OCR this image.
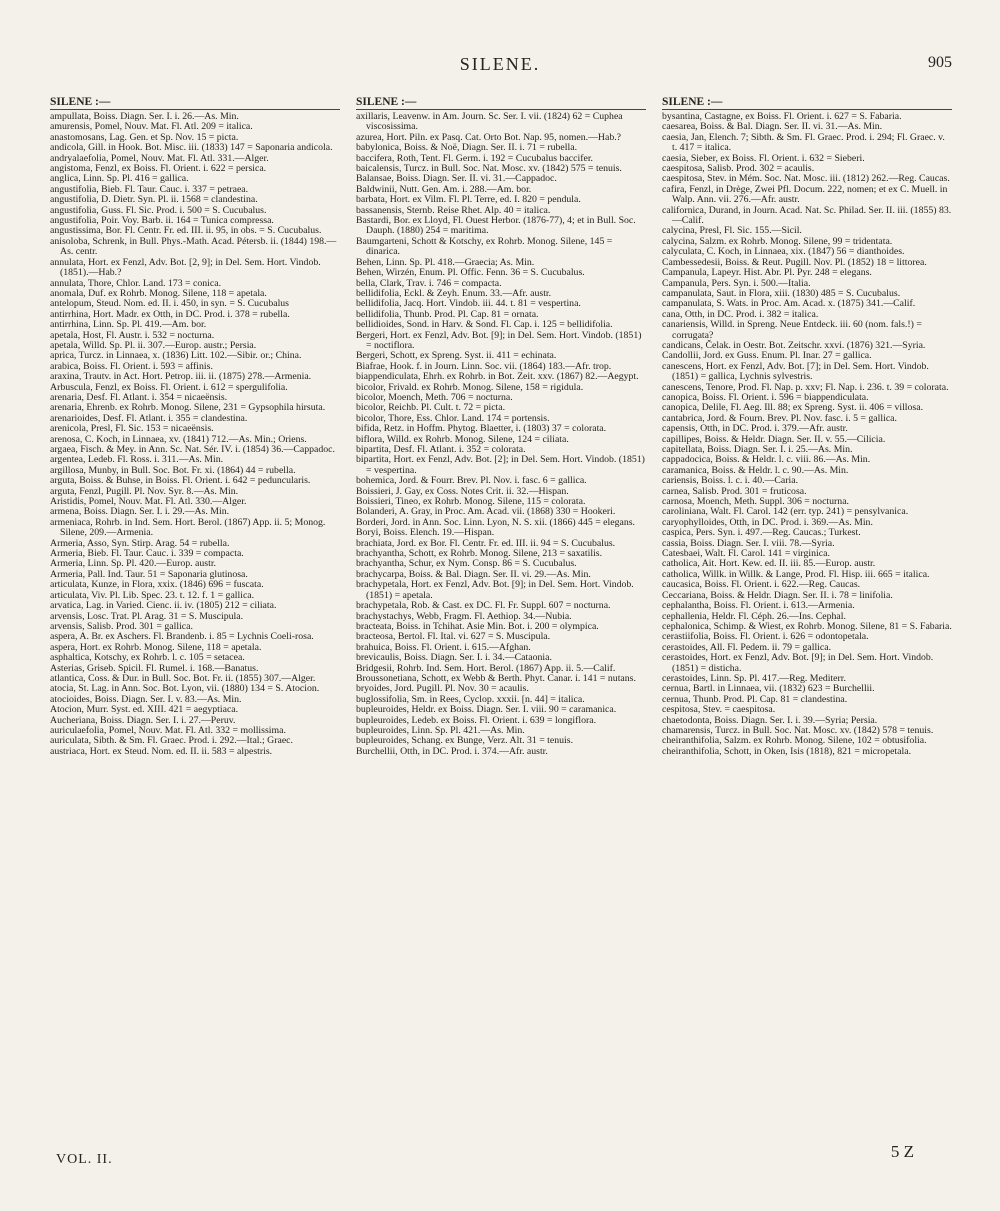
SILENE.	905
SILENE :—
ampullata, Boiss. Diagn. Ser. I. i. 26.—As. Min.
amurensis, Pomel, Nouv. Mat. Fl. Atl. 209 = italica.
anastomosans, Lag. Gen. et Sp. Nov. 15 = picta.
andicola, Gill. in Hook. Bot. Misc. iii. (1833) 147 = Saponaria andicola.
andryalaefolia, Pomel, Nouv. Mat. Fl. Atl. 331.—Alger.
angistoma, Fenzl, ex Boiss. Fl. Orient. i. 622 = persica.
anglica, Linn. Sp. Pl. 416 = gallica.
angustifolia, Bieb. Fl. Taur. Cauc. i. 337 = petraea.
angustifolia, D. Dietr. Syn. Pl. ii. 1568 = clandestina.
angustifolia, Guss. Fl. Sic. Prod. i. 500 = S. Cucubalus.
angustifolia, Poir. Voy. Barb. ii. 164 = Tunica compressa.
angustissima, Bor. Fl. Centr. Fr. ed. III. ii. 95, in obs. = S. Cucubalus.
anisoloba, Schrenk, in Bull. Phys.-Math. Acad. Pétersb. ii. (1844) 198.—As. centr.
annulata, Hort. ex Fenzl, Adv. Bot. [2, 9]; in Del. Sem. Hort. Vindob. (1851).—Hab.?
annulata, Thore, Chlor. Land. 173 = conica.
anomala, Duf. ex Rohrb. Monog. Silene, 118 = apetala.
antelopum, Steud. Nom. ed. II. i. 450, in syn. = S. Cucubalus
antirrhina, Hort. Madr. ex Otth, in DC. Prod. i. 378 = rubella.
antirrhina, Linn. Sp. Pl. 419.—Am. bor.
apetala, Host, Fl. Austr. i. 532 = nocturna.
apetala, Willd. Sp. Pl. ii. 307.—Europ. austr.; Persia.
aprica, Turcz. in Linnaea, x. (1836) Litt. 102.—Sibir. or.; China.
arabica, Boiss. Fl. Orient. i. 593 = affinis.
araxina, Trautv. in Act. Hort. Petrop. iii. ii. (1875) 278.—Armenia.
Arbuscula, Fenzl, ex Boiss. Fl. Orient. i. 612 = spergulifolia.
arenaria, Desf. Fl. Atlant. i. 354 = nicaeënsis.
arenaria, Ehrenb. ex Rohrb. Monog. Silene, 231 = Gypsophila hirsuta.
arenarioides, Desf. Fl. Atlant. i. 355 = clandestina.
arenicola, Presl, Fl. Sic. 153 = nicaeënsis.
arenosa, C. Koch, in Linnaea, xv. (1841) 712.—As. Min.; Oriens.
argaea, Fisch. & Mey. in Ann. Sc. Nat. Sér. IV. i. (1854) 36.—Cappadoc.
argentea, Ledeb. Fl. Ross. i. 311.—As. Min.
argillosa, Munby, in Bull. Soc. Bot. Fr. xi. (1864) 44 = rubella.
arguta, Boiss. & Buhse, in Boiss. Fl. Orient. i. 642 = peduncularis.
arguta, Fenzl, Pugill. Pl. Nov. Syr. 8.—As. Min.
Aristidis, Pomel, Nouv. Mat. Fl. Atl. 330.—Alger.
armena, Boiss. Diagn. Ser. I. i. 29.—As. Min.
armeniaca, Rohrb. in Ind. Sem. Hort. Berol. (1867) App. ii. 5; Monog. Silene, 209.—Armenia.
Armeria, Asso, Syn. Stirp. Arag. 54 = rubella.
Armeria, Bieb. Fl. Taur. Cauc. i. 339 = compacta.
Armeria, Linn. Sp. Pl. 420.—Europ. austr.
Armeria, Pall. Ind. Taur. 51 = Saponaria glutinosa.
articulata, Kunze, in Flora, xxix. (1846) 696 = fuscata.
articulata, Viv. Pl. Lib. Spec. 23. t. 12. f. 1 = gallica.
arvatica, Lag. in Varied. Cienc. ii. iv. (1805) 212 = ciliata.
arvensis, Losc. Trat. Pl. Arag. 31 = S. Muscipula.
arvensis, Salisb. Prod. 301 = gallica.
aspera, A. Br. ex Aschers. Fl. Brandenb. i. 85 = Lychnis Coeli-rosa.
aspera, Hort. ex Rohrb. Monog. Silene, 118 = apetala.
asphaltica, Kotschy, ex Rohrb. l. c. 105 = setacea.
Asterias, Griseb. Spicil. Fl. Rumel. i. 168.—Banatus.
atlantica, Coss. & Dur. in Bull. Soc. Bot. Fr. ii. (1855) 307.—Alger.
atocia, St. Lag. in Ann. Soc. Bot. Lyon, vii. (1880) 134 = S. Atocion.
atocioides, Boiss. Diagn. Ser. I. v. 83.—As. Min.
Atocion, Murr. Syst. ed. XIII. 421 = aegyptiaca.
Aucheriana, Boiss. Diagn. Ser. I. i. 27.—Peruv.
auriculaefolia, Pomel, Nouv. Mat. Fl. Atl. 332 = mollissima.
auriculata, Sibth. & Sm. Fl. Graec. Prod. i. 292.—Ital.; Graec.
austriaca, Hort. ex Steud. Nom. ed. II. ii. 583 = alpestris.
SILENE :—
axillaris, Leavenw. in Am. Journ. Sc. Ser. I. vii. (1824) 62 = Cuphea viscosissima.
azurea, Hort. Piln. ex Pasq. Cat. Orto Bot. Nap. 95, nomen.—Hab.?
babylonica, Boiss. & Noë, Diagn. Ser. II. i. 71 = rubella.
baccifera, Roth, Tent. Fl. Germ. i. 192 = Cucubalus baccifer.
baicalensis, Turcz. in Bull. Soc. Nat. Mosc. xv. (1842) 575 = tenuis.
Balansae, Boiss. Diagn. Ser. II. vi. 31.—Cappadoc.
Baldwinii, Nutt. Gen. Am. i. 288.—Am. bor.
barbata, Hort. ex Vilm. Fl. Pl. Terre, ed. I. 820 = pendula.
bassanensis, Sternb. Reise Rhet. Alp. 40 = italica.
Bastardi, Bor. ex Lloyd, Fl. Ouest Herbor. (1876-77), 4; et in Bull. Soc. Dauph. (1880) 254 = maritima.
Baumgarteni, Schott & Kotschy, ex Rohrb. Monog. Silene, 145 = dinarica.
Behen, Linn. Sp. Pl. 418.—Graecia; As. Min.
Behen, Wirzén, Enum. Pl. Offic. Fenn. 36 = S. Cucubalus.
bella, Clark, Trav. i. 746 = compacta.
bellidifolia, Eckl. & Zeyh. Enum. 33.—Afr. austr.
bellidifolia, Jacq. Hort. Vindob. iii. 44. t. 81 = vespertina.
bellidifolia, Thunb. Prod. Pl. Cap. 81 = ornata.
bellidioides, Sond. in Harv. & Sond. Fl. Cap. i. 125 = bellidifolia.
Bergeri, Hort. ex Fenzl, Adv. Bot. [9]; in Del. Sem. Hort. Vindob. (1851) = noctiflora.
Bergeri, Schott, ex Spreng. Syst. ii. 411 = echinata.
Biafrae, Hook. f. in Journ. Linn. Soc. vii. (1864) 183.—Afr. trop.
biappendiculata, Ehrh. ex Rohrb. in Bot. Zeit. xxv. (1867) 82.—Aegypt.
bicolor, Frivald. ex Rohrb. Monog. Silene, 158 = rigidula.
bicolor, Moench, Meth. 706 = nocturna.
bicolor, Reichb. Pl. Cult. t. 72 = picta.
bicolor, Thore, Ess. Chlor. Land. 174 = portensis.
bifida, Retz. in Hoffm. Phytog. Blaetter, i. (1803) 37 = colorata.
biflora, Willd. ex Rohrb. Monog. Silene, 124 = ciliata.
bipartita, Desf. Fl. Atlant. i. 352 = colorata.
bipartita, Hort. ex Fenzl, Adv. Bot. [2]; in Del. Sem. Hort. Vindob. (1851) = vespertina.
bohemica, Jord. & Fourr. Brev. Pl. Nov. i. fasc. 6 = gallica.
Boissieri, J. Gay, ex Coss. Notes Crit. ii. 32.—Hispan.
Boissieri, Tineo, ex Rohrb. Monog. Silene, 115 = colorata.
Bolanderi, A. Gray, in Proc. Am. Acad. vii. (1868) 330 = Hookeri.
Borderi, Jord. in Ann. Soc. Linn. Lyon, N. S. xii. (1866) 445 = elegans.
Boryi, Boiss. Elench. 19.—Hispan.
brachiata, Jord. ex Bor. Fl. Centr. Fr. ed. III. ii. 94 = S. Cucubalus.
brachyantha, Schott, ex Rohrb. Monog. Silene, 213 = saxatilis.
brachyantha, Schur, ex Nym. Consp. 86 = S. Cucubalus.
brachycarpa, Boiss. & Bal. Diagn. Ser. II. vi. 29.—As. Min.
brachypetala, Hort. ex Fenzl, Adv. Bot. [9]; in Del. Sem. Hort. Vindob. (1851) = apetala.
brachypetala, Rob. & Cast. ex DC. Fl. Fr. Suppl. 607 = nocturna.
brachystachys, Webb, Fragm. Fl. Aethiop. 34.—Nubia.
bracteata, Boiss. in Tchihat. Asie Min. Bot. i. 200 = olympica.
bracteosa, Bertol. Fl. Ital. vi. 627 = S. Muscipula.
brahuica, Boiss. Fl. Orient. i. 615.—Afghan.
brevicaulis, Boiss. Diagn. Ser. I. i. 34.—Cataonia.
Bridgesii, Rohrb. Ind. Sem. Hort. Berol. (1867) App. ii. 5.—Calif.
Broussonetiana, Schott, ex Webb & Berth. Phyt. Canar. i. 141 = nutans.
bryoides, Jord. Pugill. Pl. Nov. 30 = acaulis.
buglossifolia, Sm. in Rees, Cyclop. xxxii. [n. 44] = italica.
bupleuroides, Heldr. ex Boiss. Diagn. Ser. I. viii. 90 = caramanica.
bupleuroides, Ledeb. ex Boiss. Fl. Orient. i. 639 = longiflora.
bupleuroides, Linn. Sp. Pl. 421.—As. Min.
bupleuroides, Schang. ex Bunge, Verz. Alt. 31 = tenuis.
Burchellii, Otth, in DC. Prod. i. 374.—Afr. austr.
SILENE :—
bysantina, Castagne, ex Boiss. Fl. Orient. i. 627 = S. Fabaria.
caesarea, Boiss. & Bal. Diagn. Ser. II. vi. 31.—As. Min.
caesia, Jan, Elench. 7; Sibth. & Sm. Fl. Graec. Prod. i. 294; Fl. Graec. v. t. 417 = italica.
caesia, Sieber, ex Boiss. Fl. Orient. i. 632 = Sieberi.
caespitosa, Salisb. Prod. 302 = acaulis.
caespitosa, Stev. in Mém. Soc. Nat. Mosc. iii. (1812) 262.—Reg. Caucas.
cafira, Fenzl, in Drège, Zwei Pfl. Docum. 222, nomen; et ex C. Muell. in Walp. Ann. vii. 276.—Afr. austr.
californica, Durand, in Journ. Acad. Nat. Sc. Philad. Ser. II. iii. (1855) 83.—Calif.
calycina, Presl, Fl. Sic. 155.—Sicil.
calycina, Salzm. ex Rohrb. Monog. Silene, 99 = tridentata.
calyculata, C. Koch, in Linnaea, xix. (1847) 56 = dianthoides.
Cambessedesii, Boiss. & Reut. Pugill. Nov. Pl. (1852) 18 = littorea.
Campanula, Lapeyr. Hist. Abr. Pl. Pyr. 248 = elegans.
Campanula, Pers. Syn. i. 500.—Italia.
campanulata, Saut. in Flora, xiii. (1830) 485 = S. Cucubalus.
campanulata, S. Wats. in Proc. Am. Acad. x. (1875) 341.—Calif.
cana, Otth, in DC. Prod. i. 382 = italica.
canariensis, Willd. in Spreng. Neue Entdeck. iii. 60 (nom. fals.!) = corrugata?
candicans, Čelak. in Oestr. Bot. Zeitschr. xxvi. (1876) 321.—Syria.
Candollii, Jord. ex Guss. Enum. Pl. Inar. 27 = gallica.
canescens, Hort. ex Fenzl, Adv. Bot. [7]; in Del. Sem. Hort. Vindob. (1851) = gallica, Lychnis sylvestris.
canescens, Tenore, Prod. Fl. Nap. p. xxv; Fl. Nap. i. 236. t. 39 = colorata.
canopica, Boiss. Fl. Orient. i. 596 = biappendiculata.
canopica, Delile, Fl. Aeg. Ill. 88; ex Spreng. Syst. ii. 406 = villosa.
cantabrica, Jord. & Fourn. Brev. Pl. Nov. fasc. i. 5 = gallica.
capensis, Otth, in DC. Prod. i. 379.—Afr. austr.
capillipes, Boiss. & Heldr. Diagn. Ser. II. v. 55.—Cilicia.
capitellata, Boiss. Diagn. Ser. I. i. 25.—As. Min.
cappadocica, Boiss. & Heldr. l. c. viii. 86.—As. Min.
caramanica, Boiss. & Heldr. l. c. 90.—As. Min.
cariensis, Boiss. l. c. i. 40.—Caria.
carnea, Salisb. Prod. 301 = fruticosa.
carnosa, Moench, Meth. Suppl. 306 = nocturna.
caroliniana, Walt. Fl. Carol. 142 (err. typ. 241) = pensylvanica.
caryophylloides, Otth, in DC. Prod. i. 369.—As. Min.
caspica, Pers. Syn. i. 497.—Reg. Caucas.; Turkest.
cassia, Boiss. Diagn. Ser. I. viii. 78.—Syria.
Catesbaei, Walt. Fl. Carol. 141 = virginica.
catholica, Ait. Hort. Kew. ed. II. iii. 85.—Europ. austr.
catholica, Willk. in Willk. & Lange, Prod. Fl. Hisp. iii. 665 = italica.
caucasica, Boiss. Fl. Orient. i. 622.—Reg. Caucas.
Ceccariana, Boiss. & Heldr. Diagn. Ser. II. i. 78 = linifolia.
cephalantha, Boiss. Fl. Orient. i. 613.—Armenia.
cephallenia, Heldr. Fl. Céph. 26.—Ins. Cephal.
cephalonica, Schimp. & Wiest, ex Rohrb. Monog. Silene, 81 = S. Fabaria.
cerastiifolia, Boiss. Fl. Orient. i. 626 = odontopetala.
cerastoides, All. Fl. Pedem. ii. 79 = gallica.
cerastoides, Hort. ex Fenzl, Adv. Bot. [9]; in Del. Sem. Hort. Vindob. (1851) = disticha.
cerastoides, Linn. Sp. Pl. 417.—Reg. Mediterr.
cernua, Bartl. in Linnaea, vii. (1832) 623 = Burchellii.
cernua, Thunb. Prod. Pl. Cap. 81 = clandestina.
cespitosa, Stev. = caespitosa.
chaetodonta, Boiss. Diagn. Ser. I. i. 39.—Syria; Persia.
chamarensis, Turcz. in Bull. Soc. Nat. Mosc. xv. (1842) 578 = tenuis.
cheiranthifolia, Salzm. ex Rohrb. Monog. Silene, 102 = obtusifolia.
cheiranthifolia, Schott, in Oken, Isis (1818), 821 = micropetala.
VOL. II.	5 Z
